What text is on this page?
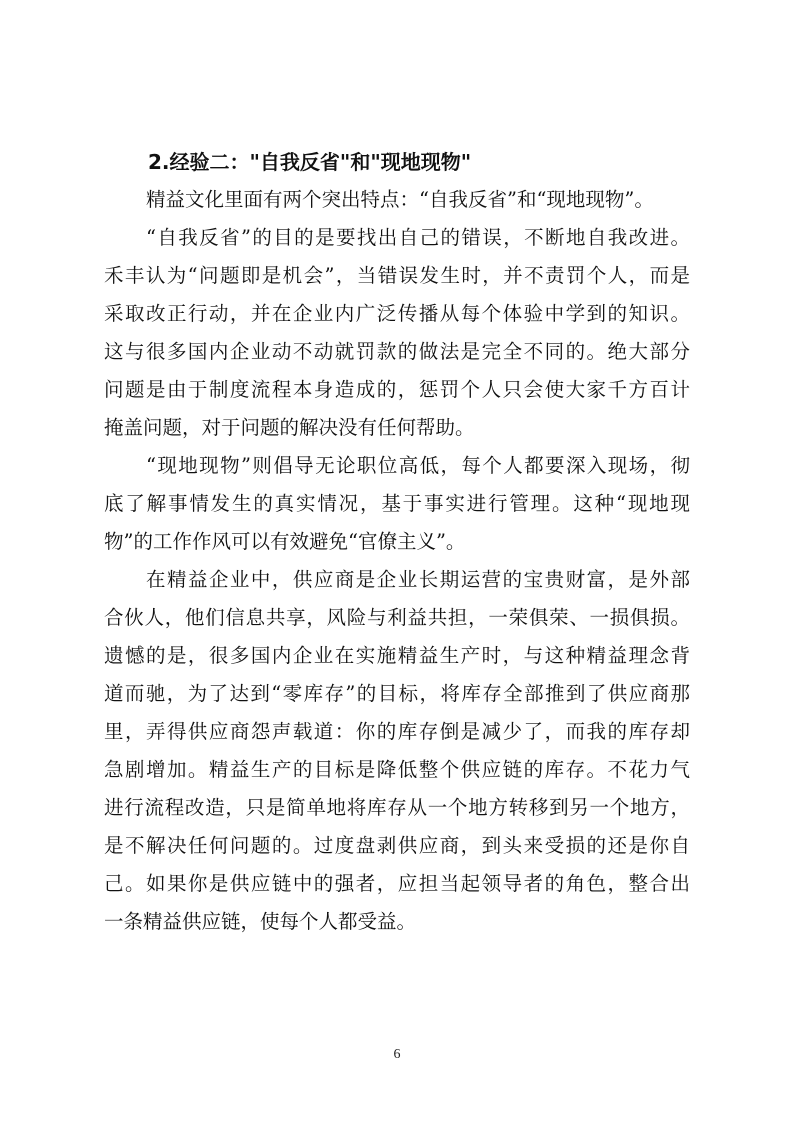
2.经验二："自我反省"和"现地现物"
精益文化里面有两个突出特点：“自我反省”和“现地现物”。
“自我反省”的目的是要找出自己的错误，不断地自我改进。
禾丰认为“问题即是机会”，当错误发生时，并不责罚个人，而是
采取改正行动，并在企业内广泛传播从每个体验中学到的知识。
这与很多国内企业动不动就罚款的做法是完全不同的。绝大部分
问题是由于制度流程本身造成的，惩罚个人只会使大家千方百计
掩盖问题，对于问题的解决没有任何帮助。
“现地现物”则倡导无论职位高低，每个人都要深入现场，彻
底了解事情发生的真实情况，基于事实进行管理。这种“现地现
物”的工作作风可以有效避免“官僚主义”。
在精益企业中，供应商是企业长期运营的宝贵财富，是外部
合伙人，他们信息共享，风险与利益共担，一荣俱荣、一损俱损。
遗憾的是，很多国内企业在实施精益生产时，与这种精益理念背
道而驰，为了达到“零库存”的目标，将库存全部推到了供应商那
里，弄得供应商怨声载道：你的库存倒是减少了，而我的库存却
急剧增加。精益生产的目标是降低整个供应链的库存。不花力气
进行流程改造，只是简单地将库存从一个地方转移到另一个地方，
是不解决任何问题的。过度盘剥供应商，到头来受损的还是你自
己。如果你是供应链中的强者，应担当起领导者的角色，整合出
一条精益供应链，使每个人都受益。
6
